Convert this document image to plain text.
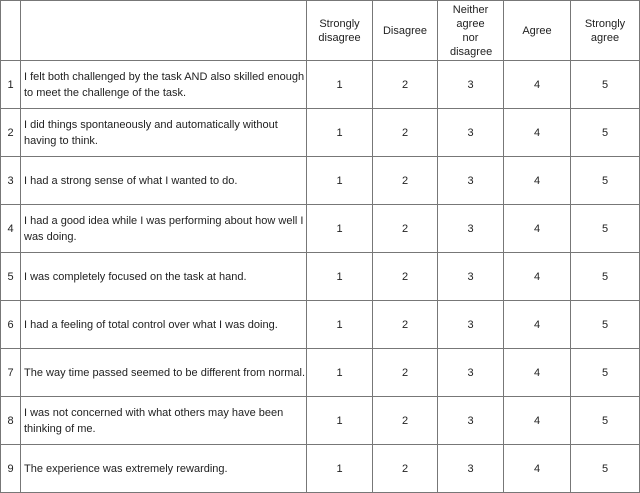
		Strongly disagree	Disagree	Neither agree nor disagree	Agree	Strongly agree
1	I felt both challenged by the task AND also skilled enough to meet the challenge of the task.	1	2	3	4	5
2	I did things spontaneously and automatically without having to think.	1	2	3	4	5
3	I had a strong sense of what I wanted to do.	1	2	3	4	5
4	I had a good idea while I was performing about how well I was doing.	1	2	3	4	5
5	I was completely focused on the task at hand.	1	2	3	4	5
6	I had a feeling of total control over what I was doing.	1	2	3	4	5
7	The way time passed seemed to be different from normal.	1	2	3	4	5
8	I was not concerned with what others may have been thinking of me.	1	2	3	4	5
9	The experience was extremely rewarding.	1	2	3	4	5
